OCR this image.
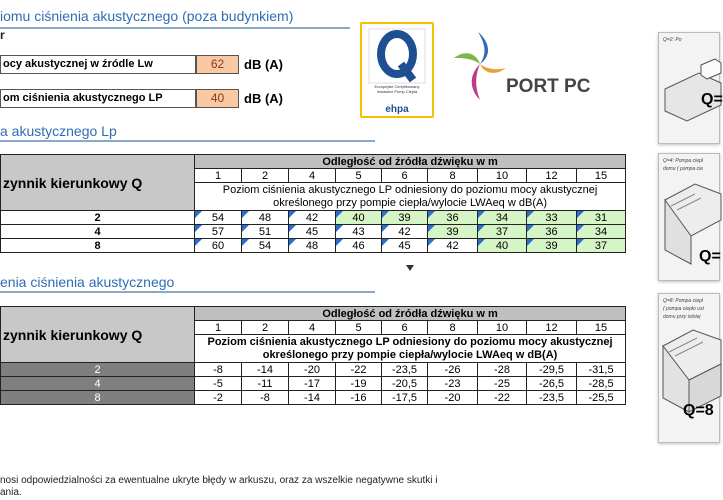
iomu ciśnienia akustycznego (poza budynkiem)
r
ocy akustycznej w źródle Lw	62	dB (A)
om ciśnienia akustycznego LP	40	dB (A)
Europejski Certyfikowany Instalator Pomp Ciepła
ehpa
PORT PC
a akustycznego Lp
zynnik kierunkowy Q	Odległość od źródła dźwięku w m								
	1	2	4	5	6	8	10	12	15
	Poziom ciśnienia akustycznego LP odniesiony do poziomu mocy akustycznej określonego przy pompie ciepła/wylocie LWAeq w dB(A)								
2	54	48	42	40	39	36	34	33	31
4	57	51	45	43	42	39	37	36	34
8	60	54	48	46	45	42	40	39	37
enia ciśnienia akustycznego
zynnik kierunkowy Q	Odległość od źródła dźwięku w m								
	1	2	4	5	6	8	10	12	15
	Poziom ciśnienia akustycznego LP odniesiony do poziomu mocy akustycznej określonego przy pompie ciepła/wylocie LWAeq w dB(A)								
2	-8	-14	-20	-22	-23,5	-26	-28	-29,5	-31,5
4	-5	-11	-17	-19	-20,5	-23	-25	-26,5	-28,5
8	-2	-8	-14	-16	-17,5	-20	-22	-23,5	-25,5
nosi odpowiedzialności za ewentualne ukryte błędy w arkuszu, oraz za wszelkie negatywne skutki i
ania.
Q=2: Po
Q=
Q=4: Pompa ciepł
domu ( pompa cie
Q=
Q=8: Pompa ciepł
( pompa ciepło ust
domu przy istniej
Q=8
